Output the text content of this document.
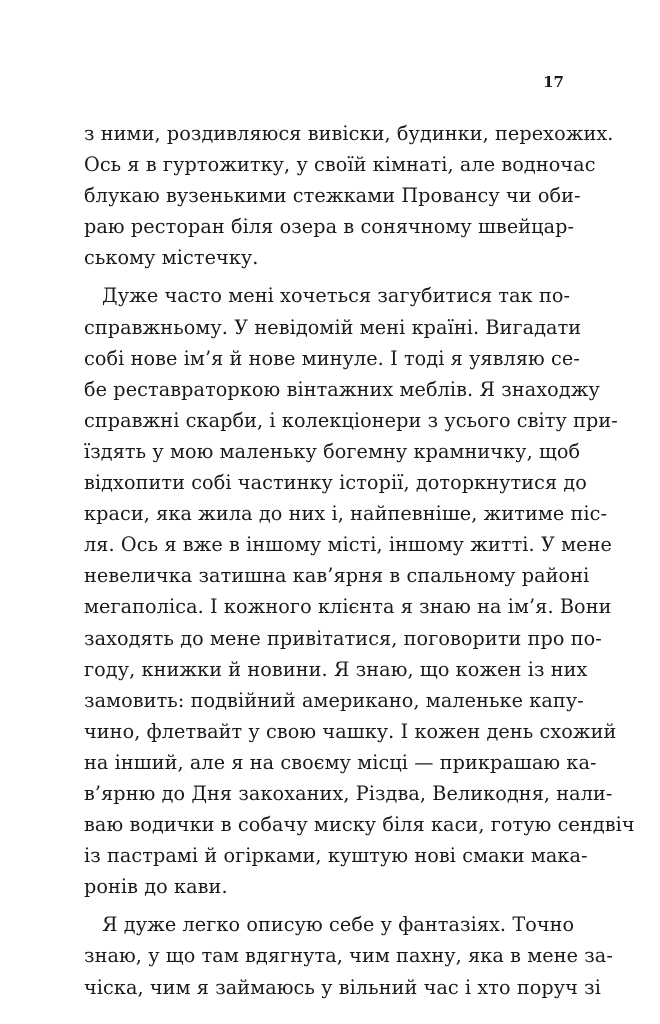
17
з ними, роздивляюся вивіски, будинки, перехожих.
Ось я в гуртожитку, у своїй кімнаті, але водночас
блукаю вузенькими стежками Провансу чи оби-
раю ресторан біля озера в сонячному швейцар-
ському містечку.
Дуже часто мені хочеться загубитися так по-
справжньому. У невідомій мені країні. Вигадати
собі нове ім’я й нове минуле. І тоді я уявляю се-
бе реставраторкою вінтажних меблів. Я знаходжу
справжні скарби, і колекціонери з усього світу при-
їздять у мою маленьку богемну крамничку, щоб
відхопити собі частинку історії, доторкнутися до
краси, яка жила до них і, найпевніше, житиме піс-
ля. Ось я вже в іншому місті, іншому житті. У мене
невеличка затишна кав’ярня в спальному районі
мегаполіса. І кожного клієнта я знаю на ім’я. Вони
заходять до мене привітатися, поговорити про по-
году, книжки й новини. Я знаю, що кожен із них
замовить: подвійний американо, маленьке капу-
чино, флетвайт у свою чашку. І кожен день схожий
на інший, але я на своєму місці — прикрашаю ка-
в’ярню до Дня закоханих, Різдва, Великодня, нали-
ваю водички в собачу миску біля каси, готую сендвіч
із пастрамі й огірками, куштую нові смаки мака-
ронів до кави.
Я дуже легко описую себе у фантазіях. Точно
знаю, у що там вдягнута, чим пахну, яка в мене за-
чіска, чим я займаюсь у вільний час і хто поруч зі
